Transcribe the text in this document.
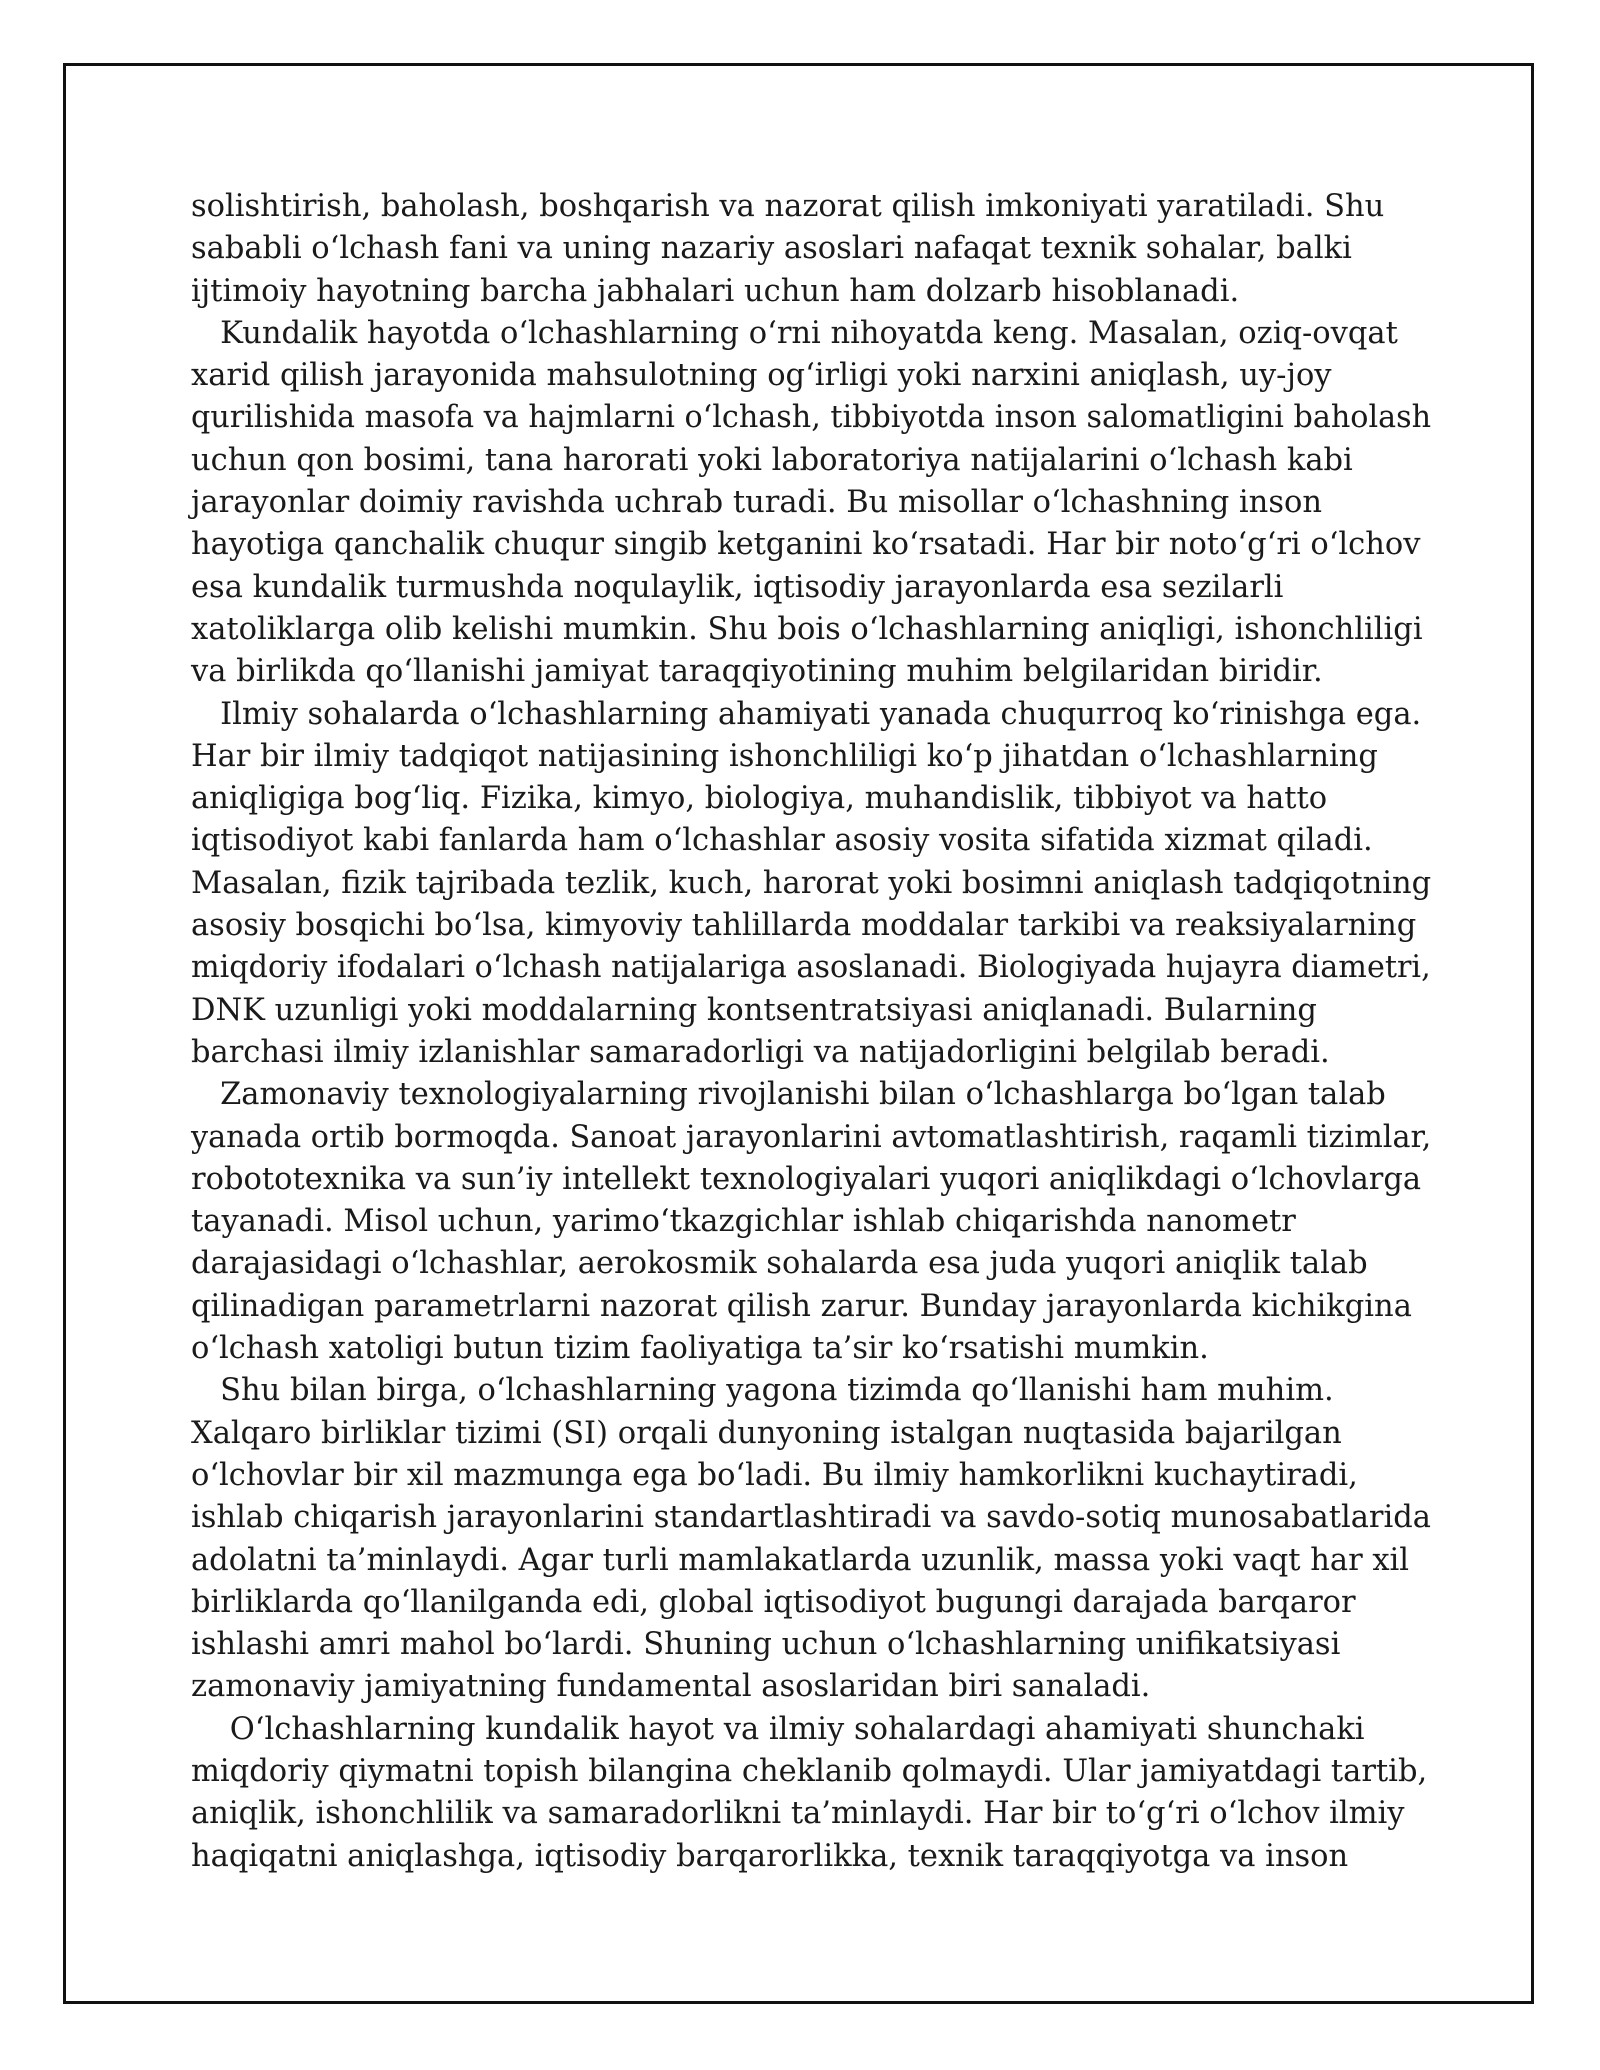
solishtirish, baholash, boshqarish va nazorat qilish imkoniyati yaratiladi. Shu
sababli oʻlchash fani va uning nazariy asoslari nafaqat texnik sohalar, balki
ijtimoiy hayotning barcha jabhalari uchun ham dolzarb hisoblanadi.
Kundalik hayotda oʻlchashlarning oʻrni nihoyatda keng. Masalan, oziq-ovqat
xarid qilish jarayonida mahsulotning ogʻirligi yoki narxini aniqlash, uy-joy
qurilishida masofa va hajmlarni oʻlchash, tibbiyotda inson salomatligini baholash
uchun qon bosimi, tana harorati yoki laboratoriya natijalarini oʻlchash kabi
jarayonlar doimiy ravishda uchrab turadi. Bu misollar oʻlchashning inson
hayotiga qanchalik chuqur singib ketganini koʻrsatadi. Har bir notoʻgʻri oʻlchov
esa kundalik turmushda noqulaylik, iqtisodiy jarayonlarda esa sezilarli
xatoliklarga olib kelishi mumkin. Shu bois oʻlchashlarning aniqligi, ishonchliligi
va birlikda qoʻllanishi jamiyat taraqqiyotining muhim belgilaridan biridir.
Ilmiy sohalarda oʻlchashlarning ahamiyati yanada chuqurroq koʻrinishga ega.
Har bir ilmiy tadqiqot natijasining ishonchliligi koʻp jihatdan oʻlchashlarning
aniqligiga bogʻliq. Fizika, kimyo, biologiya, muhandislik, tibbiyot va hatto
iqtisodiyot kabi fanlarda ham oʻlchashlar asosiy vosita sifatida xizmat qiladi.
Masalan, fizik tajribada tezlik, kuch, harorat yoki bosimni aniqlash tadqiqotning
asosiy bosqichi boʻlsa, kimyoviy tahlillarda moddalar tarkibi va reaksiyalarning
miqdoriy ifodalari oʻlchash natijalariga asoslanadi. Biologiyada hujayra diametri,
DNK uzunligi yoki moddalarning kontsentratsiyasi aniqlanadi. Bularning
barchasi ilmiy izlanishlar samaradorligi va natijadorligini belgilab beradi.
Zamonaviy texnologiyalarning rivojlanishi bilan oʻlchashlarga boʻlgan talab
yanada ortib bormoqda. Sanoat jarayonlarini avtomatlashtirish, raqamli tizimlar,
robototexnika va sun’iy intellekt texnologiyalari yuqori aniqlikdagi oʻlchovlarga
tayanadi. Misol uchun, yarimoʻtkazgichlar ishlab chiqarishda nanometr
darajasidagi oʻlchashlar, aerokosmik sohalarda esa juda yuqori aniqlik talab
qilinadigan parametrlarni nazorat qilish zarur. Bunday jarayonlarda kichikgina
oʻlchash xatoligi butun tizim faoliyatiga ta’sir koʻrsatishi mumkin.
Shu bilan birga, oʻlchashlarning yagona tizimda qoʻllanishi ham muhim.
Xalqaro birliklar tizimi (SI) orqali dunyoning istalgan nuqtasida bajarilgan
oʻlchovlar bir xil mazmunga ega boʻladi. Bu ilmiy hamkorlikni kuchaytiradi,
ishlab chiqarish jarayonlarini standartlashtiradi va savdo-sotiq munosabatlarida
adolatni ta’minlaydi. Agar turli mamlakatlarda uzunlik, massa yoki vaqt har xil
birliklarda qoʻllanilganda edi, global iqtisodiyot bugungi darajada barqaror
ishlashi amri mahol boʻlardi. Shuning uchun oʻlchashlarning unifikatsiyasi
zamonaviy jamiyatning fundamental asoslaridan biri sanaladi.
Oʻlchashlarning kundalik hayot va ilmiy sohalardagi ahamiyati shunchaki
miqdoriy qiymatni topish bilangina cheklanib qolmaydi. Ular jamiyatdagi tartib,
aniqlik, ishonchlilik va samaradorlikni ta’minlaydi. Har bir toʻgʻri oʻlchov ilmiy
haqiqatni aniqlashga, iqtisodiy barqarorlikka, texnik taraqqiyotga va inson
